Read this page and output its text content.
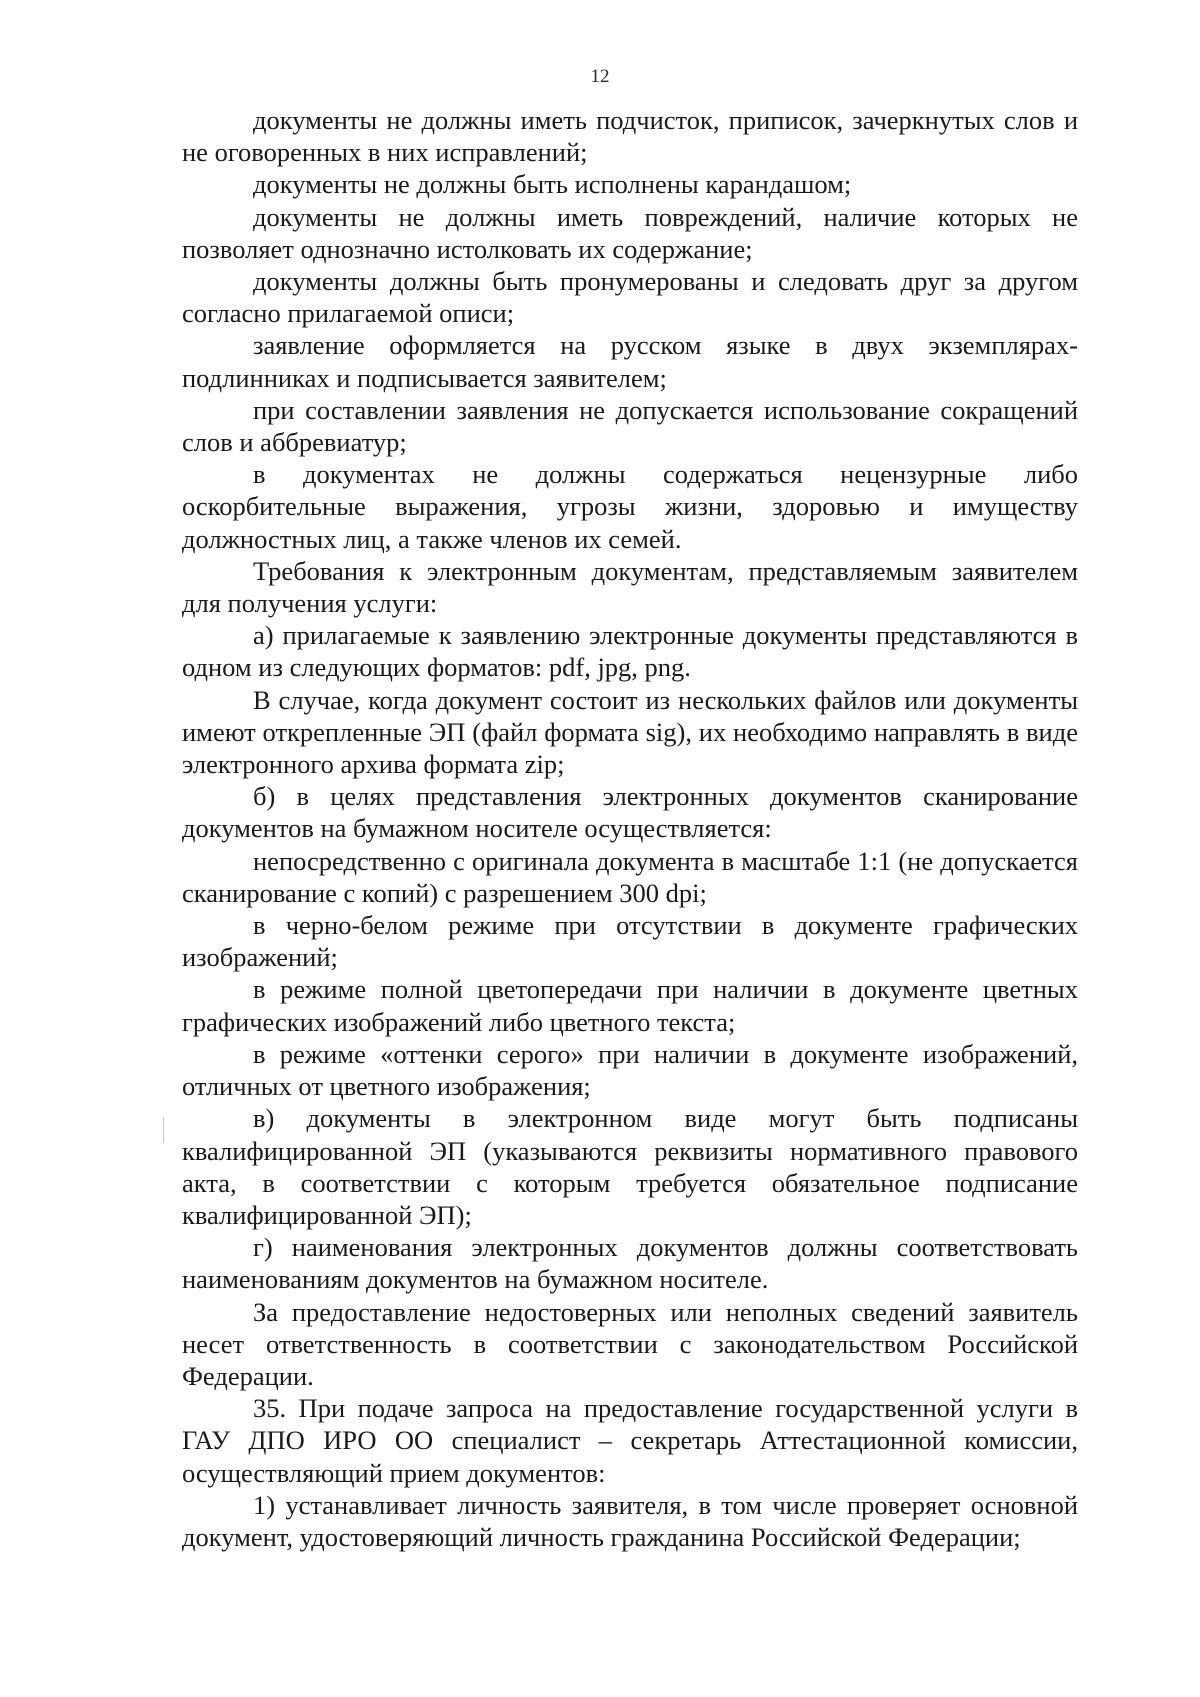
12

документы не должны иметь подчисток, приписок, зачеркнутых слов и не оговоренных в них исправлений;

документы не должны быть исполнены карандашом;

документы не должны иметь повреждений, наличие которых не позволяет однозначно истолковать их содержание;

документы должны быть пронумерованы и следовать друг за другом согласно прилагаемой описи;

заявление оформляется на русском языке в двух экземплярах-подлинниках и подписывается заявителем;

при составлении заявления не допускается использование сокращений слов и аббревиатур;

в документах не должны содержаться нецензурные либо оскорбительные выражения, угрозы жизни, здоровью и имуществу должностных лиц, а также членов их семей.

Требования к электронным документам, представляемым заявителем для получения услуги:

а) прилагаемые к заявлению электронные документы представляются в одном из следующих форматов: pdf, jpg, png.

В случае, когда документ состоит из нескольких файлов или документы имеют открепленные ЭП (файл формата sig), их необходимо направлять в виде электронного архива формата zip;

б) в целях представления электронных документов сканирование документов на бумажном носителе осуществляется:

непосредственно с оригинала документа в масштабе 1:1 (не допускается сканирование с копий) с разрешением 300 dpi;

в черно-белом режиме при отсутствии в документе графических изображений;

в режиме полной цветопередачи при наличии в документе цветных графических изображений либо цветного текста;

в режиме «оттенки серого» при наличии в документе изображений, отличных от цветного изображения;

в) документы в электронном виде могут быть подписаны квалифицированной ЭП (указываются реквизиты нормативного правового акта, в соответствии с которым требуется обязательное подписание квалифицированной ЭП);

г) наименования электронных документов должны соответствовать наименованиям документов на бумажном носителе.

За предоставление недостоверных или неполных сведений заявитель несет ответственность в соответствии с законодательством Российской Федерации.

35. При подаче запроса на предоставление государственной услуги в ГАУ ДПО ИРО ОО специалист – секретарь Аттестационной комиссии, осуществляющий прием документов:

1) устанавливает личность заявителя, в том числе проверяет основной документ, удостоверяющий личность гражданина Российской Федерации;
